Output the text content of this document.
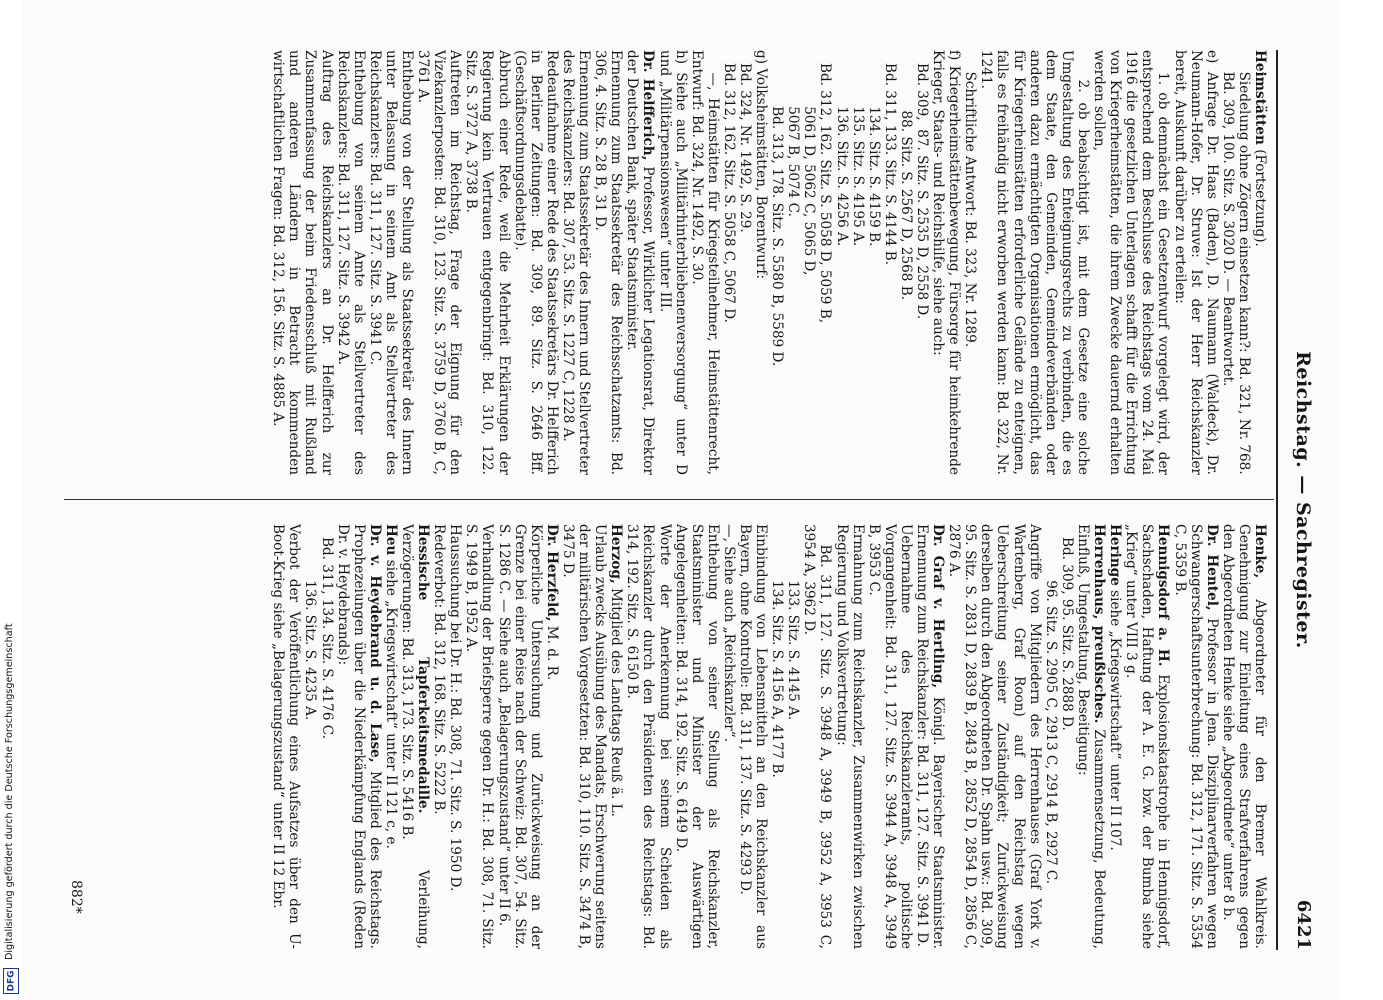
Reichstag. — Sachregister.
6421

Heimstätten (Fortsetzung).
Siedelung ohne Zögern einsetzen kann?: Bd. 321, Nr. 768.
Bd. 309, 100. Sitz. S. 3020 D. — Beantwortet.

e) Anfrage Dr. Haas (Baden), D. Naumann (Waldeck), Dr. Neumann-Hofer, Dr. Struve: Ist der Herr Reichskanzler bereit, Auskunft darüber zu erteilen:
1. ob demnächst ein Gesetzentwurf vorgelegt wird, der entsprechend dem Beschlusse des Reichstags vom 24. Mai 1916 die gesetzlichen Unterlagen schafft für die Errichtung von Kriegerheimstätten, die ihrem Zwecke dauernd erhalten werden sollen,
2. ob beabsichtigt ist, mit dem Gesetze eine solche Umgestaltung des Enteignungsrechts zu verbinden, die es dem Staate, den Gemeinden, Gemeindeverbänden oder anderen dazu ermächtigten Organisationen ermöglicht, das für Kriegerheimstätten erforderliche Gelände zu enteignen, falls es freihändig nicht erworben werden kann: Bd. 322, Nr. 1241.
Schriftliche Antwort: Bd. 323, Nr. 1289.

f) Kriegerheimstättenbewegung, Fürsorge für heimkehrende Krieger, Staats- und Reichshilfe, siehe auch:
Bd. 309,  87. Sitz. S. 2535 D, 2558 D.
88. Sitz. S. 2567 D, 2568 B.
Bd. 311, 133. Sitz. S. 4144 B.
134. Sitz. S. 4159 B.
135. Sitz. S. 4195 A.
136. Sitz. S. 4256 A.
Bd. 312, 162. Sitz. S. 5058 D, 5059 B,
5061 D, 5062 C, 5065 D,
5067 B, 5074 C.
Bd. 313, 178. Sitz. S. 5580 B, 5589 D.

g) Volksheimstätten, Borentwurf:
Bd. 324, Nr. 1492, S. 29.
Bd. 312, 162. Sitz. S. 5058 C, 5067 D.
—, Heimstätten für Kriegsteilnehmer, Heimstättenrecht, Entwurf: Bd. 324, Nr. 1492, S. 30.
h) Siehe auch „Militärhinterbliebenenversorgung“ unter D und „Militärpensionswesen“ unter III.

Dr. Helfferich, Professor, Wirklicher Legationsrat, Direktor der Deutschen Bank, später Staatsminister.
Ernennung zum Staatssekretär des Reichsschatzamts: Bd. 306, 4. Sitz. S. 28 B, 31 D.
Ernennung zum Staatssekretär des Innern und Stellvertreter des Reichskanzlers: Bd. 307, 53. Sitz. S. 1227 C, 1228 A.
Redeaufnahme einer Rede des Staatssekretärs Dr. Helfferich in Berliner Zeitungen: Bd. 309, 89. Sitz. S. 2646 Bff. (Geschäftsordnungsdebatte).
Abbruch einer Rede, weil die Mehrheit Erklärungen der Regierung kein Vertrauen entgegenbringt: Bd. 310, 122. Sitz. S. 3727 A, 3738 B.
Auftreten im Reichstag, Frage der Eignung für den Vizekanzlerposten: Bd. 310, 123. Sitz. S. 3759 D, 3760 B, C, 3761 A.
Enthebung von der Stellung als Staatssekretär des Innern unter Belassung in seinem Amt als Stellvertreter des Reichskanzlers: Bd. 311, 127. Sitz. S. 3941 C.
Enthebung von seinem Amte als Stellvertreter des Reichskanzlers: Bd. 311, 127. Sitz. S. 3942 A.
Auftrag des Reichskanzlers an Dr. Helfferich zur Zusammenfassung der beim Friedensschluß mit Rußland und anderen Ländern in Betracht kommenden wirtschaftlichen Fragen: Bd. 312, 156. Sitz. S. 4885 A.

Henke, Abgeordneter für den Bremer Wahlkreis. Genehmigung zur Einleitung eines Strafverfahrens gegen den Abgeordneten Henke siehe „Abgeordnete“ unter 8 b.

Dr. Hentel, Professor in Jena. Disziplinarverfahren wegen Schwangerschaftsunterbrechung: Bd. 312, 171. Sitz. S. 5354 C, 5359 B.

Hennigsdorf a. H. Explosionskatastrophe in Hennigsdorf, Sachschaden, Haftung der A. E. G. bzw. der Bumba siehe „Krieg“ unter VIII 3 g.

Heringe siehe „Kriegswirtschaft“ unter II 107.

Herrenhaus, preußisches. Zusammensetzung, Bedeutung, Einfluß, Umgestaltung, Beseitigung:
Bd. 309, 95. Sitz. S. 2888 D.
96. Sitz. S. 2905 C, 2913 C, 2914 B, 2927 C.

Angriffe von Mitgliedern des Herrenhauses (Graf York v. Wartenberg, Graf Roon) auf den Reichstag wegen Ueberschreitung seiner Zuständigkeit; Zurückweisung derselben durch den Abgeordneten Dr. Spahn usw.: Bd. 309, 95. Sitz. S. 2831 D, 2839 B, 2843 B, 2852 D, 2854 D, 2856 C, 2876 A.

Dr. Graf v. Hertling, Königl. Bayerischer Staatsminister. Ernennung zum Reichskanzler: Bd. 311, 127. Sitz. S. 3941 D.
Uebernahme des Reichskanzleramts, politische Vorgangenheit: Bd. 311, 127. Sitz. S. 3944 A, 3948 A, 3949 B, 3953 C.
Ermahnung zum Reichskanzler, Zusammenwirken zwischen Regierung und Volksvertretung:
Bd. 311, 127. Sitz. S. 3948 A, 3949 B, 3952 A, 3953 C, 3954 A, 3962 D.
133. Sitz. S. 4145 A.
134. Sitz. S. 4156 A, 4177 B.
Einbindung von Lebensmitteln an den Reichskanzler aus Bayern, ohne Kontrolle: Bd. 311, 137. Sitz. S. 4293 D.

—, Siehe auch „Reichskanzler“.

Enthebung von seiner Stellung als Reichskanzler, Staatsminister und Minister der Auswärtigen Angelegenheiten: Bd. 314, 192. Sitz. S. 6149 D.
Worte der Anerkennung bei seinem Scheiden als Reichskanzler durch den Präsidenten des Reichstags: Bd. 314, 192. Sitz. S. 6150 B.

Herzog, Mitglied des Landtags Reuß ä. L.
Urlaub zwecks Ausübung des Mandats, Erschwerung seitens der militärischen Vorgesetzten: Bd. 310, 110. Sitz. S. 3474 B, 3475 D.

Dr. Herzfeld, M. d. R.
Körperliche Untersuchung und Zurückweisung an der Grenze bei einer Reise nach der Schweiz: Bd. 307, 54. Sitz. S. 1286 C. — Siehe auch „Belagerungszustand“ unter II 6.
Verhandlung der Briefsperre gegen Dr. H.: Bd. 308, 71. Sitz. S. 1949 B, 1952 A.
Haussuchung bei Dr. H.: Bd. 308, 71. Sitz. S. 1950 D.
Redeverbot: Bd. 312, 168. Sitz. S. 5222 B.

Hessische Tapferkeitsmedaille. Verleihung, Verzögerungen: Bd. 313, 173. Sitz. S. 5416 B.

Heu siehe „Kriegswirtschaft“ unter II 121 c, e.

Dr. v. Heydebrand u. d. Lase, Mitglied des Reichstags. Prophezeiungen über die Niederkämpfung Englands (Reden Dr. v. Heydebrands):
Bd. 311, 134. Sitz. S. 4176 C.
136. Sitz. S. 4235 A.

Verbot der Veröffentlichung eines Aufsatzes über den U-Boot-Krieg siehe „Belagerungszustand“ unter II 12 Ebr.

882*
Digitalisierung gefördert durch die Deutsche Forschungsgemeinschaft
DFG
